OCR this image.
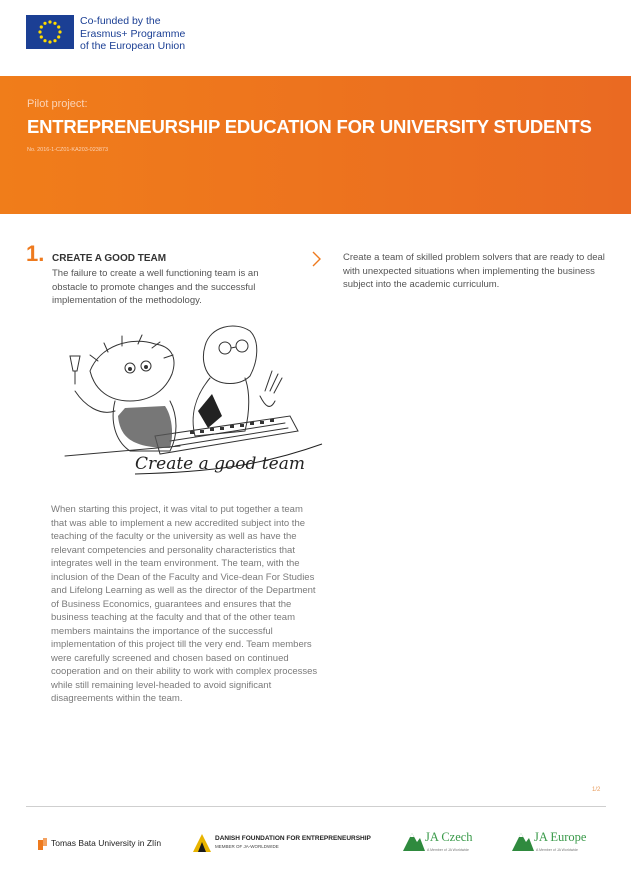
Co-funded by the
Erasmus+ Programme
of the European Union
Pilot project:
ENTREPRENEURSHIP EDUCATION FOR UNIVERSITY STUDENTS
No. 2016-1-CZ01-KA203-023873
1. CREATE A GOOD TEAM
The failure to create a well functioning team is an obstacle to promote changes and the successful implementation of the methodology.
Create a team of skilled problem solvers that are ready to deal with unexpected situations when implementing the business subject into the academic curriculum.
Create a good team
When starting this project, it was vital to put together a team that was able to implement a new accredited subject into the teaching of the faculty or the university as well as have the relevant competencies and personality characteristics that integrates well in the team environment. The team, with the inclusion of the Dean of the Faculty and Vice-dean For Studies and Lifelong Learning as well as the director of the Department of Business Economics, guarantees and ensures that the business teaching at the faculty and that of the other team members maintains the importance of the successful implementation of this project till the very end. Team members were carefully screened and chosen based on continued cooperation and on their ability to work with complex processes while still remaining level-headed to avoid significant disagreements within the team.
1/2
Tomas Bata University in Zlín	DANISH FOUNDATION FOR ENTREPRENEURSHIP
MEMBER OF JA-WORLDWIDE
JA Czech
A Member of JA Worldwide
JA Europe
A Member of JA Worldwide
